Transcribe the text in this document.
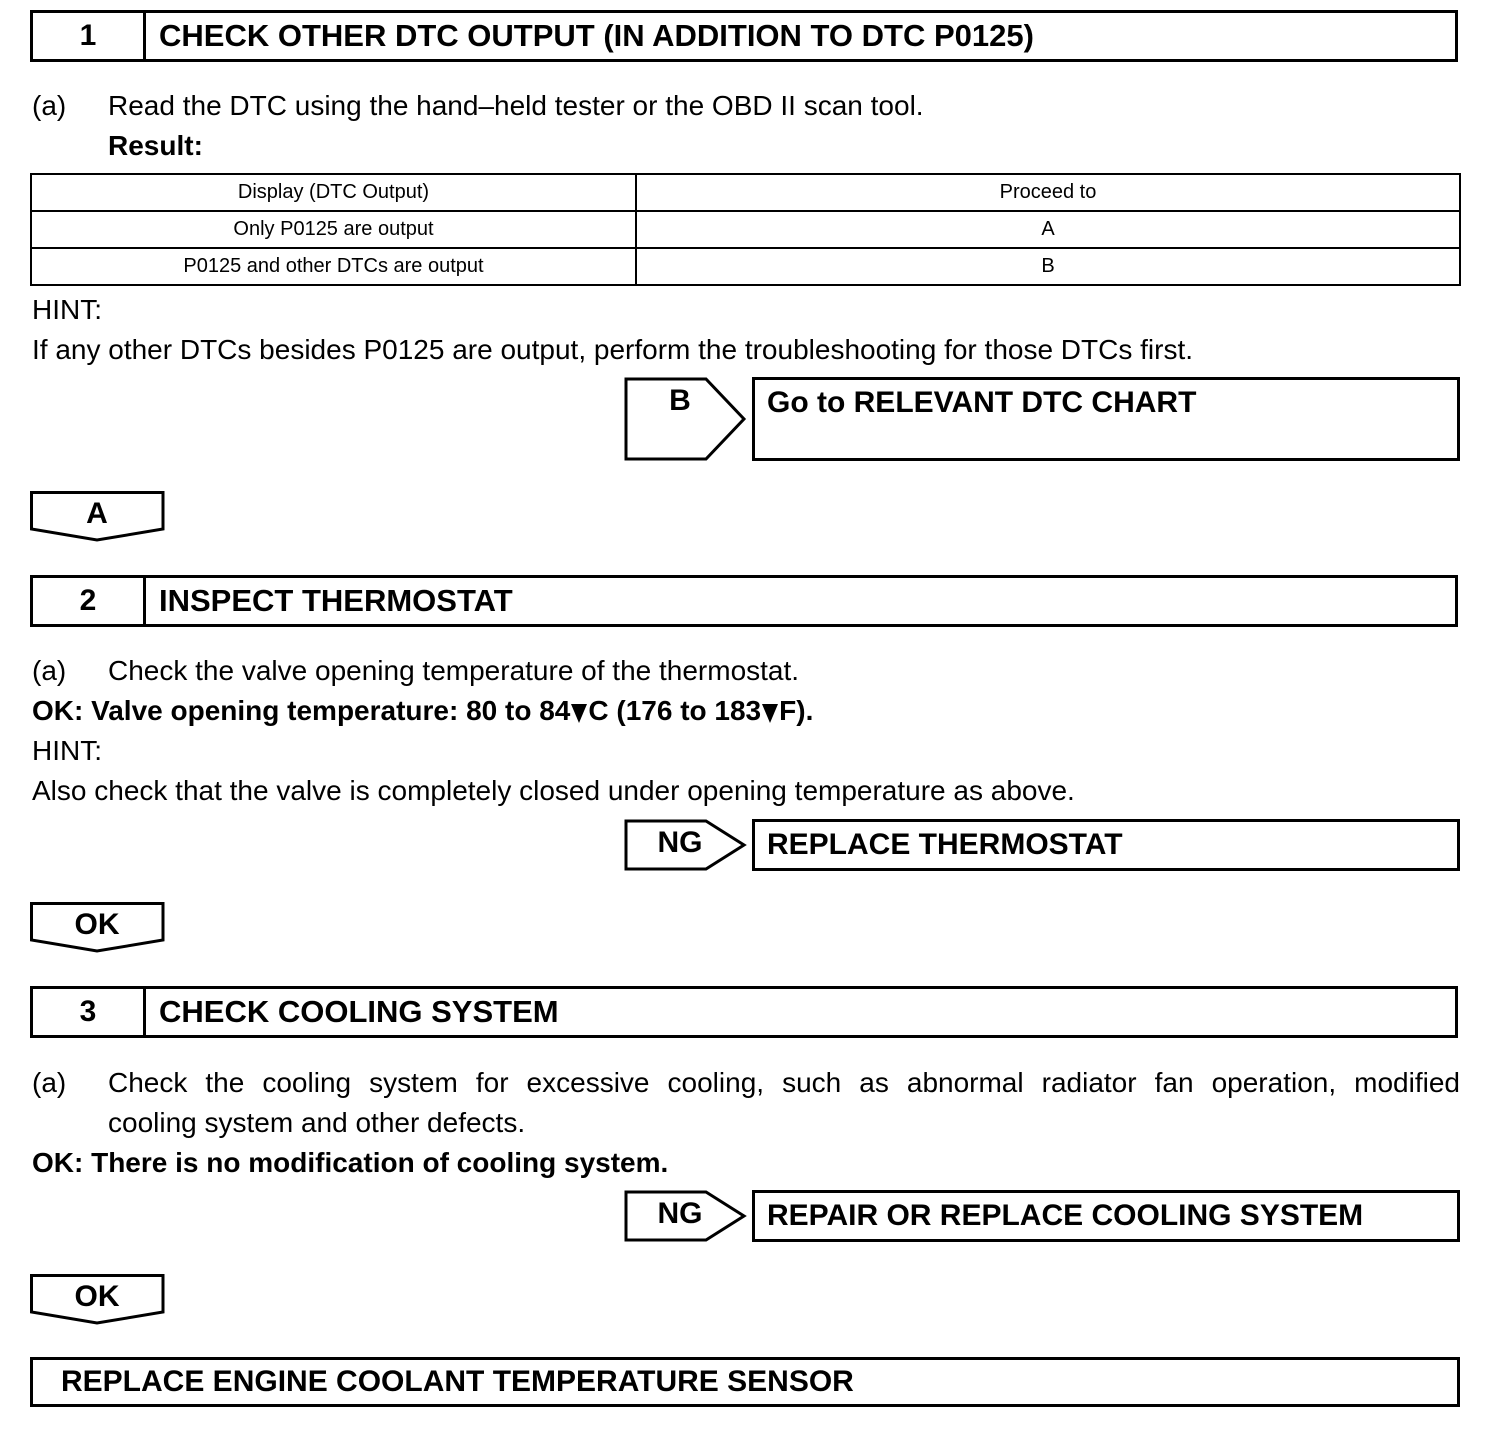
1	CHECK OTHER DTC OUTPUT (IN ADDITION TO DTC P0125)
(a) Read the DTC using the hand–held tester or the OBD II scan tool.
Result:
Display (DTC Output)	Proceed to
Only P0125 are output	A
P0125 and other DTCs are output	B
HINT:
If any other DTCs besides P0125 are output, perform the troubleshooting for those DTCs first.
B	Go to RELEVANT DTC CHART
A
2	INSPECT THERMOSTAT
(a) Check the valve opening temperature of the thermostat.
OK: Valve opening temperature: 80 to 84 C (176 to 183 F).
HINT:
Also check that the valve is completely closed under opening temperature as above.
NG	REPLACE THERMOSTAT
OK
3	CHECK COOLING SYSTEM
(a) Check the cooling system for excessive cooling, such as abnormal radiator fan operation, modified
cooling system and other defects.
OK: There is no modification of cooling system.
NG	REPAIR OR REPLACE COOLING SYSTEM
OK
REPLACE ENGINE COOLANT TEMPERATURE SENSOR
